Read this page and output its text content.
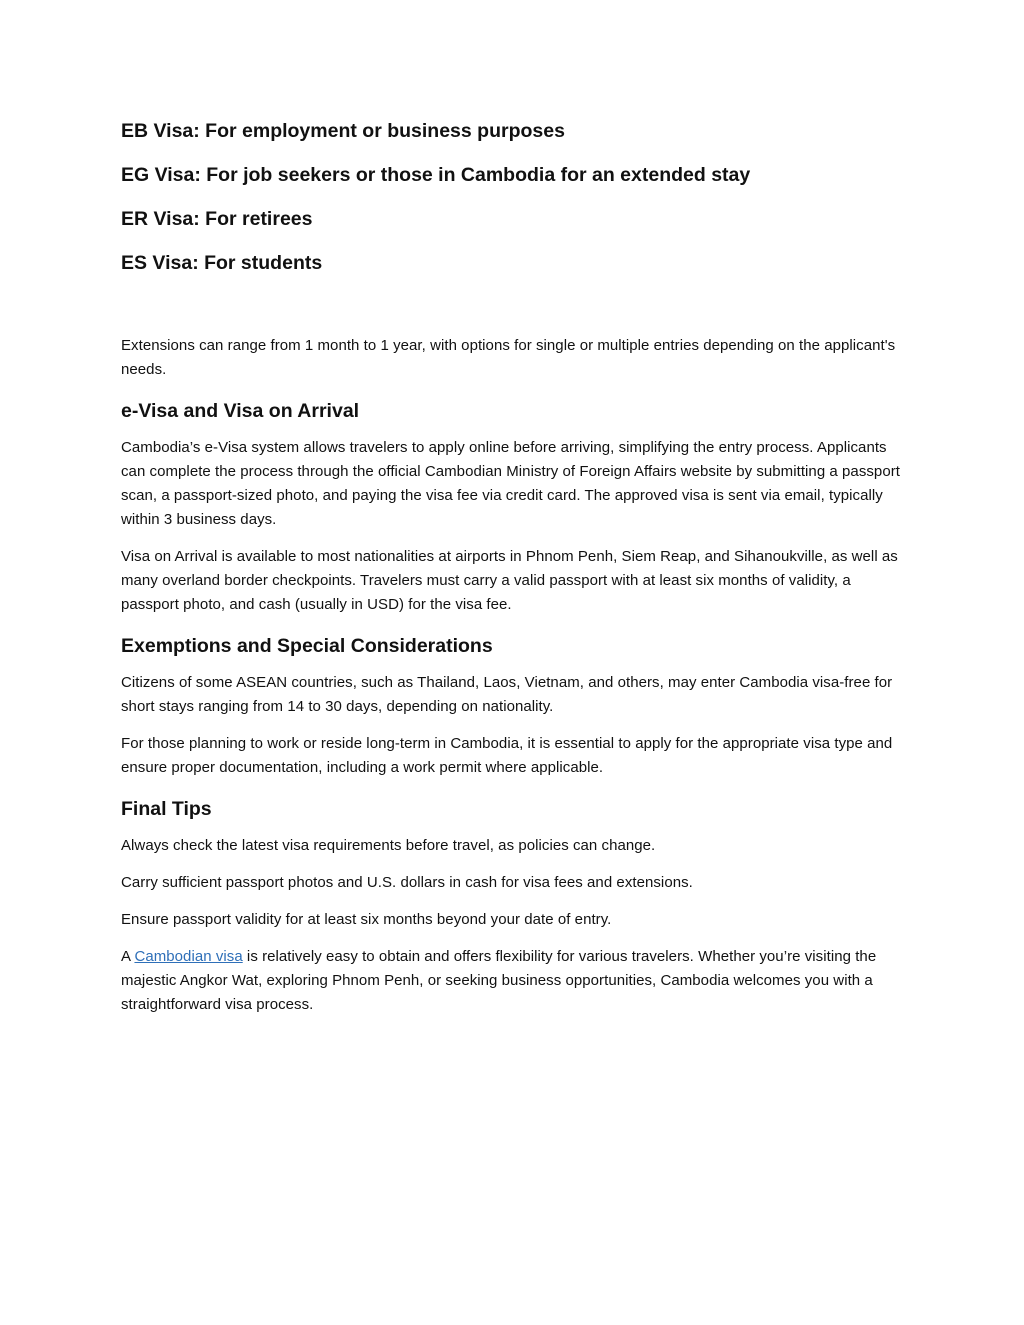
EB Visa: For employment or business purposes
EG Visa: For job seekers or those in Cambodia for an extended stay
ER Visa: For retirees
ES Visa: For students

Extensions can range from 1 month to 1 year, with options for single or multiple entries depending on the applicant's needs.

e-Visa and Visa on Arrival

Cambodia’s e-Visa system allows travelers to apply online before arriving, simplifying the entry process. Applicants can complete the process through the official Cambodian Ministry of Foreign Affairs website by submitting a passport scan, a passport-sized photo, and paying the visa fee via credit card. The approved visa is sent via email, typically within 3 business days.

Visa on Arrival is available to most nationalities at airports in Phnom Penh, Siem Reap, and Sihanoukville, as well as many overland border checkpoints. Travelers must carry a valid passport with at least six months of validity, a passport photo, and cash (usually in USD) for the visa fee.

Exemptions and Special Considerations

Citizens of some ASEAN countries, such as Thailand, Laos, Vietnam, and others, may enter Cambodia visa-free for short stays ranging from 14 to 30 days, depending on nationality.

For those planning to work or reside long-term in Cambodia, it is essential to apply for the appropriate visa type and ensure proper documentation, including a work permit where applicable.

Final Tips

Always check the latest visa requirements before travel, as policies can change.

Carry sufficient passport photos and U.S. dollars in cash for visa fees and extensions.

Ensure passport validity for at least six months beyond your date of entry.

A Cambodian visa is relatively easy to obtain and offers flexibility for various travelers. Whether you’re visiting the majestic Angkor Wat, exploring Phnom Penh, or seeking business opportunities, Cambodia welcomes you with a straightforward visa process.
